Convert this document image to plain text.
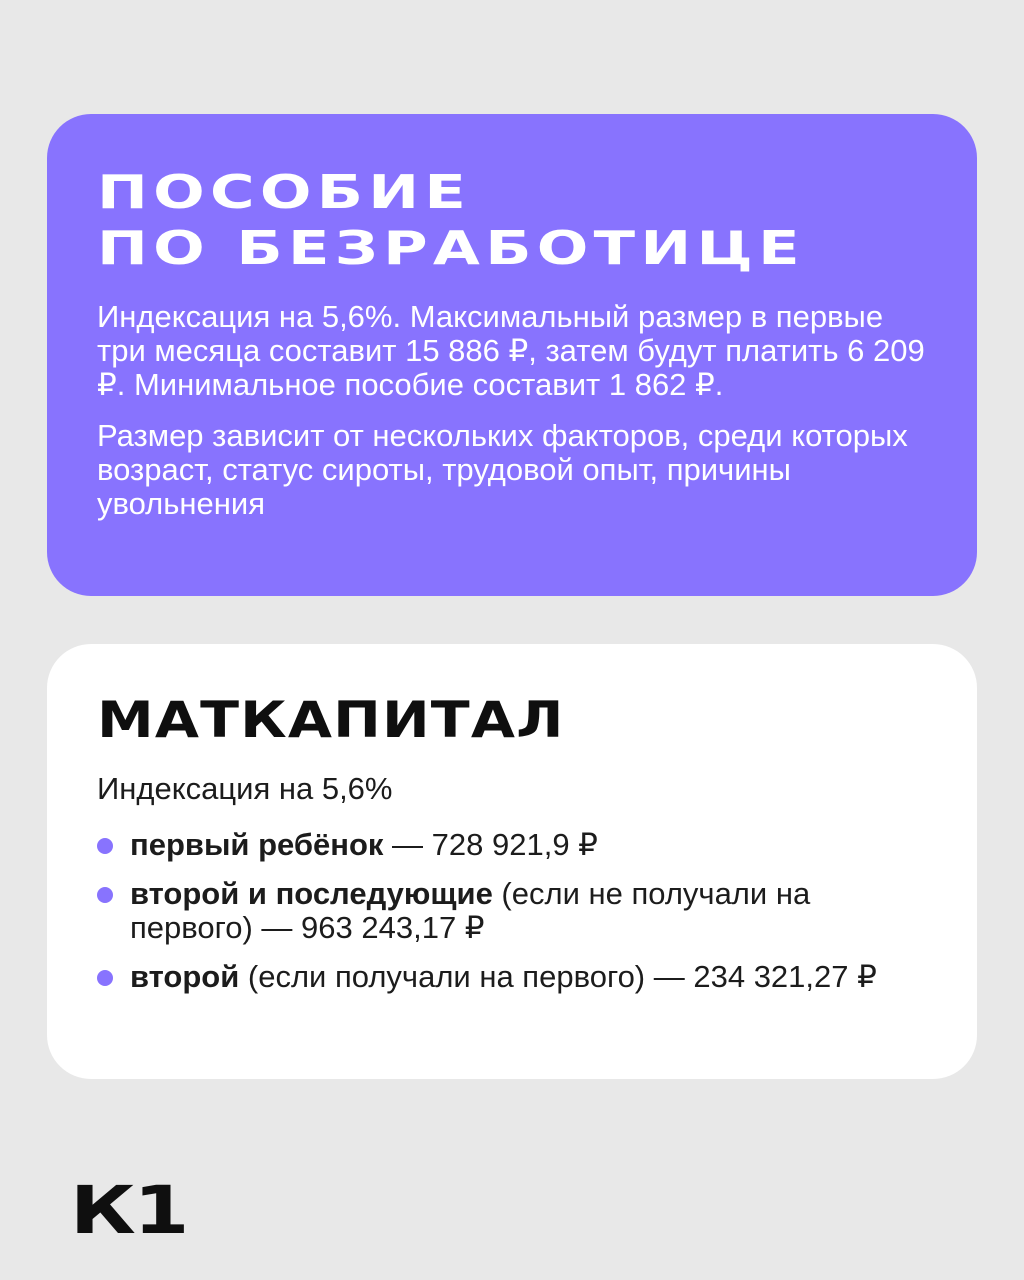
ПОСОБИЕ
ПО БЕЗРАБОТИЦЕ

Индексация на 5,6%. Максимальный размер в первые три месяца составит 15 886 ₽, затем будут платить 6 209 ₽. Минимальное пособие составит 1 862 ₽.

Размер зависит от нескольких факторов, среди которых возраст, статус сироты, трудовой опыт, причины увольнения

МАТКАПИТАЛ

Индексация на 5,6%

первый ребёнок — 728 921,9 ₽
второй и последующие (если не получали на первого) — 963 243,17 ₽
второй (если получали на первого) — 234 321,27 ₽
К1
